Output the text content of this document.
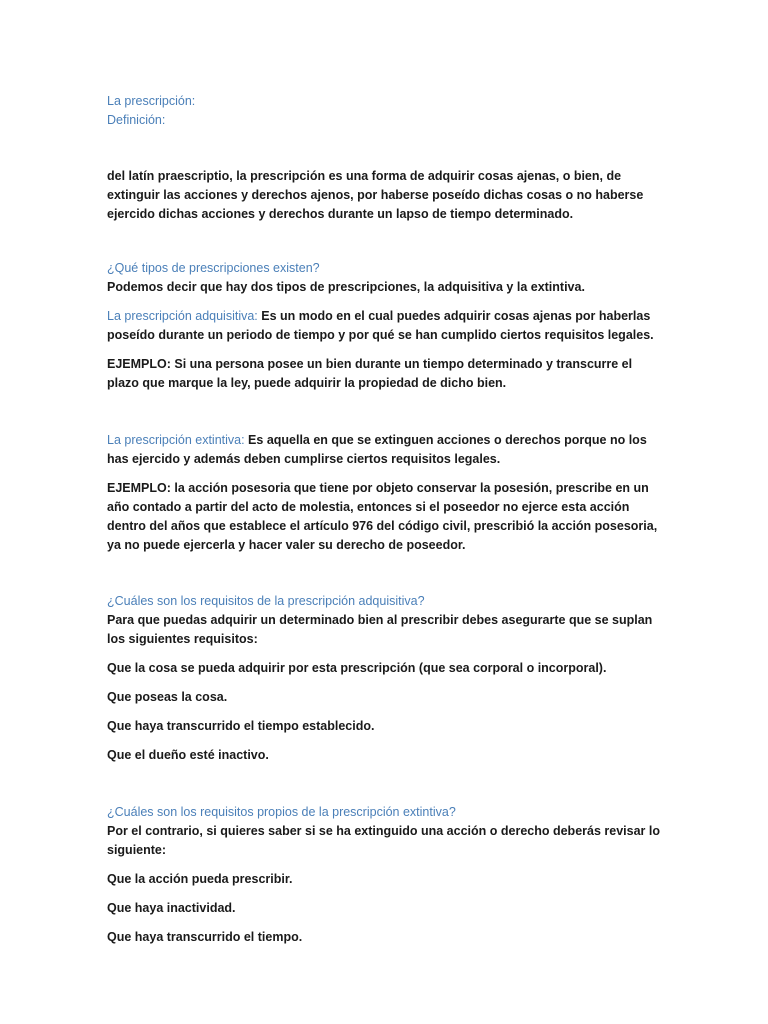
La prescripción:

Definición:

del latín praescriptio, la prescripción es una forma de adquirir cosas ajenas, o bien, de extinguir las acciones y derechos ajenos, por haberse poseído dichas cosas o no haberse ejercido dichas acciones y derechos durante un lapso de tiempo determinado.

¿Qué tipos de prescripciones existen?

Podemos decir que hay dos tipos de prescripciones, la adquisitiva y la extintiva.

La prescripción adquisitiva: Es un modo en el cual puedes adquirir cosas ajenas por haberlas poseído durante un periodo de tiempo y por qué se han cumplido ciertos requisitos legales.

EJEMPLO: Si una persona posee un bien durante un tiempo determinado y transcurre el plazo que marque la ley, puede adquirir la propiedad de dicho bien.

La prescripción extintiva: Es aquella en que se extinguen acciones o derechos porque no los has ejercido y además deben cumplirse ciertos requisitos legales.

EJEMPLO: la acción posesoria que tiene por objeto conservar la posesión, prescribe en un año contado a partir del acto de molestia, entonces si el poseedor no ejerce esta acción dentro del años que establece el artículo 976 del código civil, prescribió la acción posesoria, ya no puede ejercerla y hacer valer su derecho de poseedor.

¿Cuáles son los requisitos de la prescripción adquisitiva?

Para que puedas adquirir un determinado bien al prescribir debes asegurarte que se suplan los siguientes requisitos:

Que la cosa se pueda adquirir por esta prescripción (que sea corporal o incorporal).

Que poseas la cosa.

Que haya transcurrido el tiempo establecido.

Que el dueño esté inactivo.

¿Cuáles son los requisitos propios de la prescripción extintiva?

Por el contrario, si quieres saber si se ha extinguido una acción o derecho deberás revisar lo siguiente:

Que la acción pueda prescribir.

Que haya inactividad.

Que haya transcurrido el tiempo.
